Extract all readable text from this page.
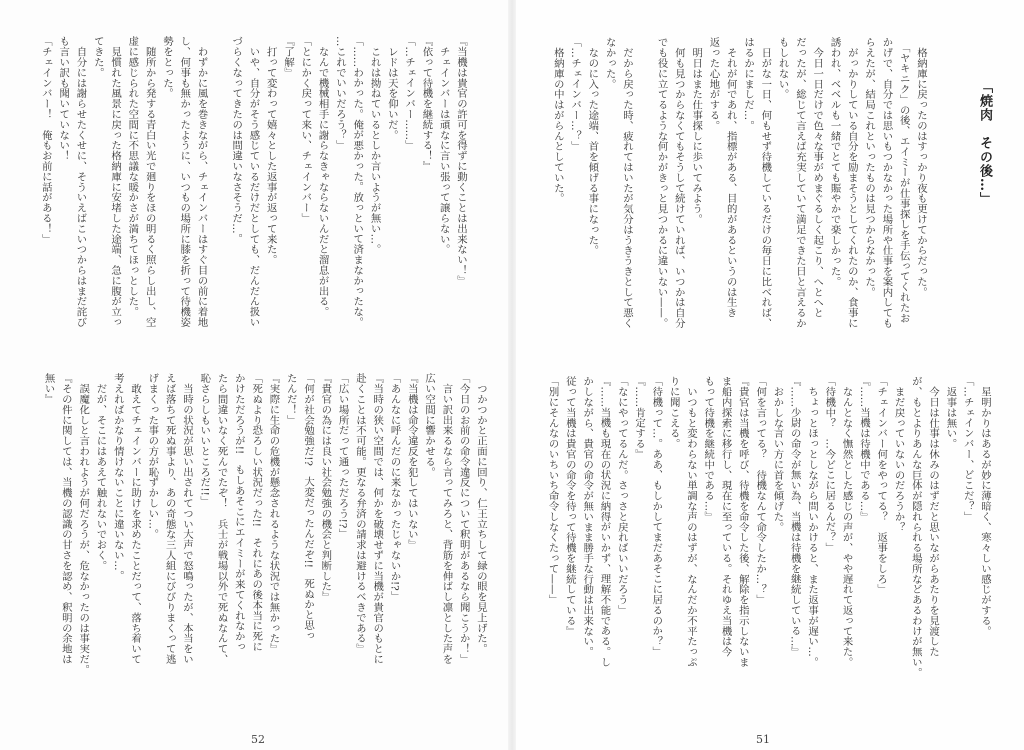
「焼肉　その後…」
　格納庫に戻ったのはすっかり夜も更けてからだった。
　「ヤキニク」の後、エイミーが仕事探しを手伝ってくれたお
かげで、自分では思いもつかなかった場所や仕事を案内しても
らえたが、結局これといったものは見つからなかった。
　がっかりしている自分を励まそうとしてくれたのか、食事に
誘われ、ベベルも一緒でとても賑やかで楽しかった。
　今日一日だけで色々な事がめまぐるしく起こり、へとへと
だったが、総じて言えば充実していて満足できた日と言えるか
もしれない。
　日がな一日、何もせず待機しているだけの毎日に比べれば、
はるかにましだ…。
　それが何であれ、指標がある、目的があるというのは生き
返った心地がする。
　明日はまた仕事探しに歩いてみよう。
　何も見つからなくてもそうして続けていれば、いつかは自分
でも役に立てるような何かがきっと見つかるに違いない——。
　だから戻った時、疲れてはいたが気分はうきうきとして悪く
なかった。
　なのに入った途端、首を傾げる事になった。
「…チェインバー…？」
　格納庫の中はがらんとしていた。
　星明かりはあるが妙に薄暗く、寒々しい感じがする。
「…チェインバー、どこだ？」
　返事は無い。
　今日は仕事は休みのはずだと思いながらあたりを見渡した
が、もとよりあんな巨体が隠れられる場所などあるわけが無い。
　まだ戻っていないのだろうか？
「チェインバー何をやってる？　返事をしろ」
『……当機は待機中である…』
　なんとなく憮然とした感じの声が、やや遅れて返って来た。
「待機中？　…今どこに居るんだ？」
　ちょっとほっとしながら問いかけると、また返事が遅い…。
『……少尉の命令が無い為、当機は待機を継続している…』
　おかしな言い方に首を傾げた。
「何を言ってる？　待機なんて命令したか…？」
『貴官は当機を呼び、待機を命令した後、解除を指示しないま
ま船内探索に移行し、現在に至っている。それゆえ当機は今
もって待機を継続中である…』
　いつもと変わらない単調な声のはずが、なんだか不平たっぷ
りに聞こえる。
「待機って…。ああ、もしかしてまだあそこに居るのか？」
『……肯定する』
「なにやってるんだ。さっさと戻ればいいだろう」
『……当機も現在の状況に納得がいかず、理解不能である。し
かしながら、貴官の命令が無いまま勝手な行動は出来ない。
従って当機は貴官の命令を待って待機を継続している』
「別にそんなのいちいち命令しなくたって——」
『当機は貴官の許可を得ずに動くことは出来ない！』
　チェインバーは頑なに言い張って譲らない。
『依って待機を継続する！』
「…チェインバー……」
　レドは天を仰いだ。
　これは拗ねているとしか言いようが無い…。
「……わかった。俺が悪かった。放っといて済まなかったな。
…これでいいだろう？」
　なんで機械相手に謝らなきゃならないんだと溜息が出る。
「とにかく戻って来い、チェインバー」
『了解』
　打って変わって嬉々とした返事が返って来た。
　いや、自分がそう感じているだけだとしても、だんだん扱い
づらくなってきたのは間違いなさそうだ…。
　わずかに風を巻きながら、チェインバーはすぐ目の前に着地
し、何事も無かったように、いつもの場所に膝を折って待機姿
勢をとった。
　随所から発する青白い光で廻りをほの明るく照らし出し、空
虚に感じられた空間に不思議な暖かさが満ちてほっとした。
　見慣れた風景に戻った格納庫に安堵した途端、急に腹が立っ
てきた。
　自分には謝らせたくせに、そういえばこいつからはまだ詫び
も言い訳も聞いていない！
「チェインバー！　俺もお前に話がある！」
　つかつかと正面に回り、仁王立ちして緑の眼を見上げた。
「今日のお前の命令違反について釈明があるなら聞こうか！」
　言い訳出来るなら言ってみろと、背筋を伸ばし凛とした声を
広い空間に響かせる。
『当機は命令違反を犯してはいない』
「あんなに呼んだのに来なかったじゃないか!?」
『当時の狭い空間では、何かを破壊せずに当機が貴官のもとに
赴くことは不可能。更なる弁済の請求は避けるべきである』
「広い場所だって通っただろう!?」
『貴官の為には良い社会勉強の機会と判断した』
「何が社会勉強だ!?　大変だったんだぞ!!　死ぬかと思っ
たんだ！」
『実際に生命の危機が懸念されるような状況では無かった』
「死ぬより恐ろしい状況だった!!　それにあの後本当に死に
かけただろうが!!　もしあそこにエイミーが来てくれなかっ
たら間違いなく死んでたぞ！　兵士が戦場以外で死ぬなんて、
恥さらしもいいところだ!!」
　当時の状況が思い出されてつい大声で怒鳴ったが、本当をい
えば落ちて死ぬ事より、あの奇態な三人組にびびりまくって逃
げまくった事の方が恥ずかしい…。
　敢えてチェインバーに助けを求めたことだって、落ち着いて
考えればかなり情けないことに違いない…。
　だが、そこにはあえて触れないでおく。
　誤魔化しと言われようが何だろうが、危なかったのは事実だ。
『その件に関しては、当機の認識の甘さを認め、釈明の余地は
無い』
52	51
